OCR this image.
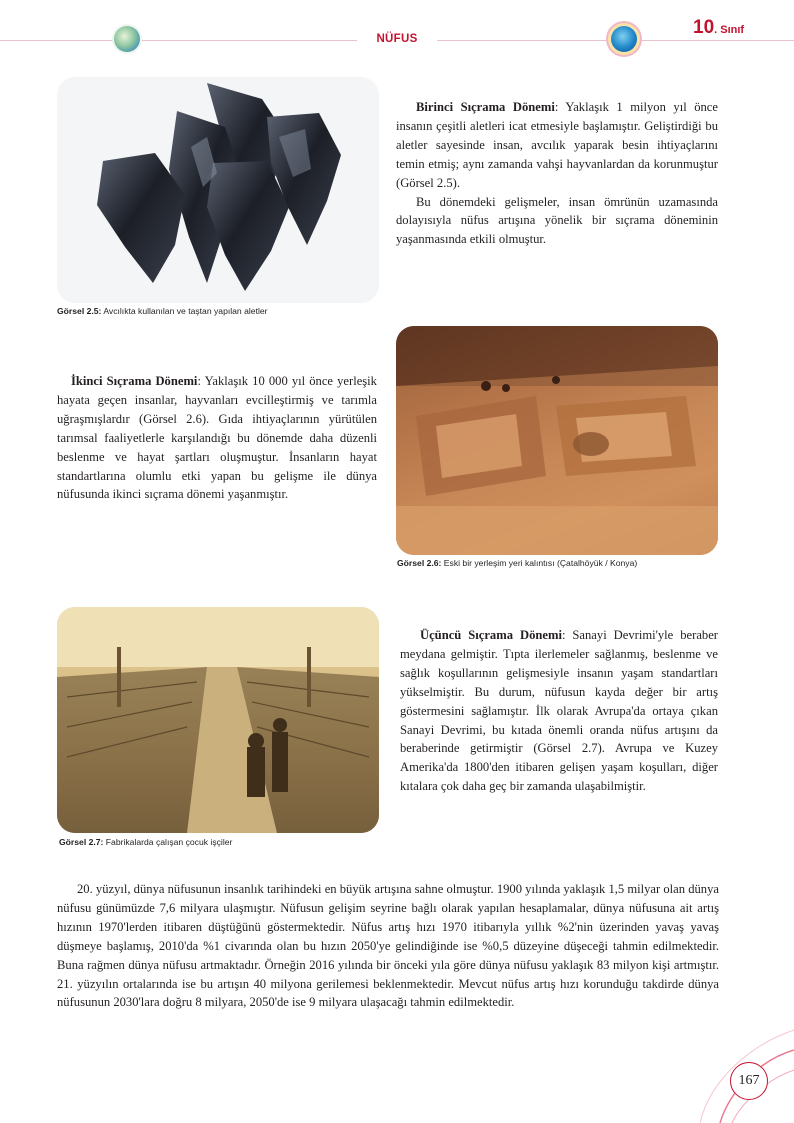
NÜFUS
10. Sınıf
Görsel 2.5: Avcılıkta kullanılan ve taştan yapılan aletler

Birinci Sıçrama Dönemi: Yaklaşık 1 milyon yıl önce insanın çeşitli aletleri icat etmesiyle başlamıştır. Geliştirdiği bu aletler sayesinde insan, avcılık yaparak besin ihtiyaçlarını temin etmiş; aynı zamanda vahşi hayvanlardan da korunmuştur (Görsel 2.5).

Bu dönemdeki gelişmeler, insan ömrünün uzamasında dolayısıyla nüfus artışına yönelik bir sıçrama döneminin yaşanmasında etkili olmuştur.

İkinci Sıçrama Dönemi: Yaklaşık 10 000 yıl önce yerleşik hayata geçen insanlar, hayvanları evcilleştirmiş ve tarımla uğraşmışlardır (Görsel 2.6). Gıda ihtiyaçlarının yürütülen tarımsal faaliyetlerle karşılandığı bu dönemde daha düzenli beslenme ve hayat şartları oluşmuştur. İnsanların hayat standartlarına olumlu etki yapan bu gelişme ile dünya nüfusunda ikinci sıçrama dönemi yaşanmıştır.

Görsel 2.6: Eski bir yerleşim yeri kalıntısı (Çatalhöyük / Konya)
Görsel 2.7: Fabrikalarda çalışan çocuk işçiler

Üçüncü Sıçrama Dönemi: Sanayi Devrimi'yle beraber meydana gelmiştir. Tıpta ilerlemeler sağlanmış, beslenme ve sağlık koşullarının gelişmesiyle insanın yaşam standartları yükselmiştir. Bu durum, nüfusun kayda değer bir artış göstermesini sağlamıştır. İlk olarak Avrupa'da ortaya çıkan Sanayi Devrimi, bu kıtada önemli oranda nüfus artışını da beraberinde getirmiştir (Görsel 2.7). Avrupa ve Kuzey Amerika'da 1800'den itibaren gelişen yaşam koşulları, diğer kıtalara çok daha geç bir zamanda ulaşabilmiştir.

20. yüzyıl, dünya nüfusunun insanlık tarihindeki en büyük artışına sahne olmuştur. 1900 yılında yaklaşık 1,5 milyar olan dünya nüfusu günümüzde 7,6 milyara ulaşmıştır. Nüfusun gelişim seyrine bağlı olarak yapılan hesaplamalar, dünya nüfusuna ait artış hızının 1970'lerden itibaren düştüğünü göstermektedir. Nüfus artış hızı 1970 itibarıyla yıllık %2'nin üzerinden yavaş yavaş düşmeye başlamış, 2010'da %1 civarında olan bu hızın 2050'ye gelindiğinde ise %0,5 düzeyine düşeceği tahmin edilmektedir. Buna rağmen dünya nüfusu artmaktadır. Örneğin 2016 yılında bir önceki yıla göre dünya nüfusu yaklaşık 83 milyon kişi artmıştır. 21. yüzyılın ortalarında ise bu artışın 40 milyona gerilemesi beklenmektedir. Mevcut nüfus artış hızı korunduğu takdirde dünya nüfusunun 2030'lara doğru 8 milyara, 2050'de ise 9 milyara ulaşacağı tahmin edilmektedir.

167
